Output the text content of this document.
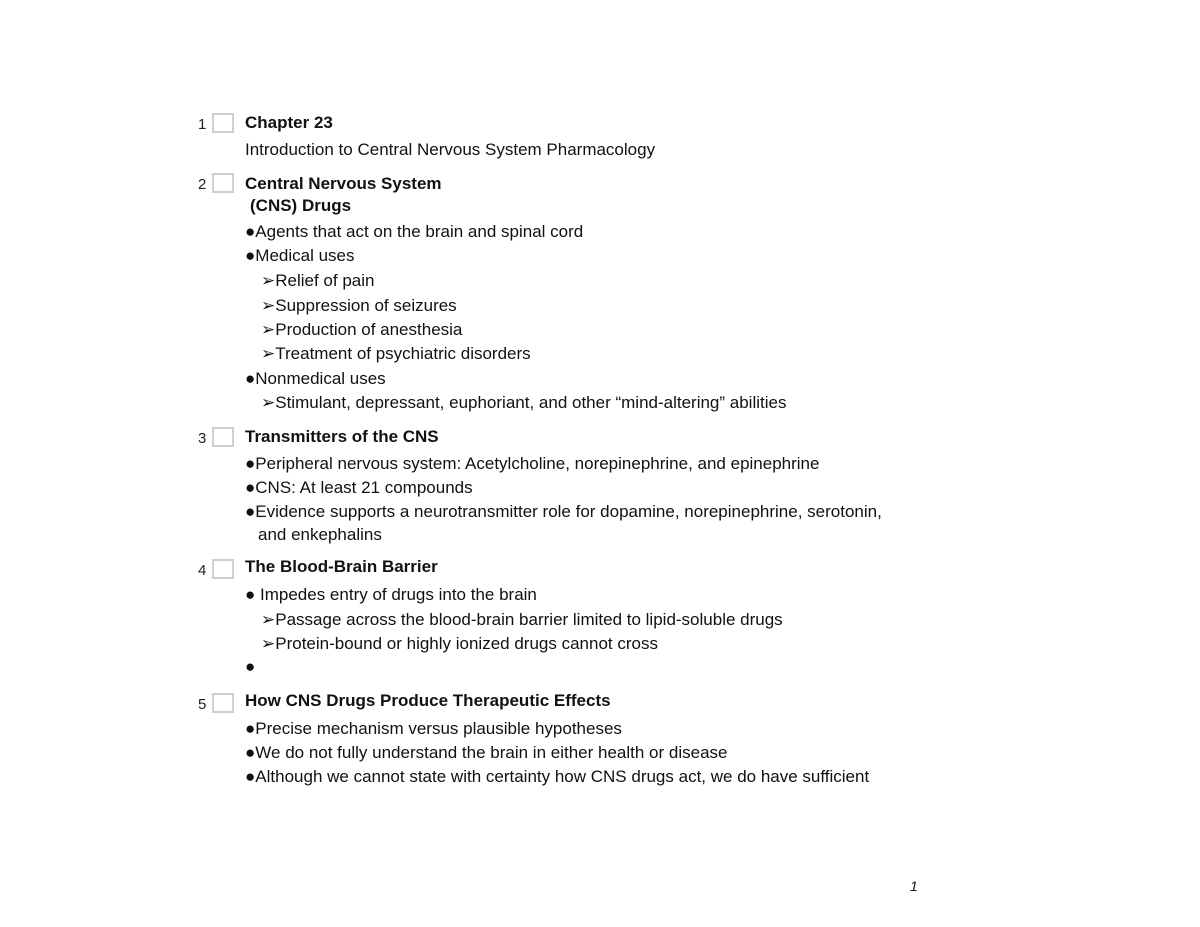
1 Chapter 23
Introduction to Central Nervous System Pharmacology
2 Central Nervous System
(CNS) Drugs
●Agents that act on the brain and spinal cord
●Medical uses
➢Relief of pain
➢Suppression of seizures
➢Production of anesthesia
➢Treatment of psychiatric disorders
●Nonmedical uses
➢Stimulant, depressant, euphoriant, and other “mind-altering” abilities
3 Transmitters of the CNS
●Peripheral nervous system: Acetylcholine, norepinephrine, and epinephrine
●CNS: At least 21 compounds
●Evidence supports a neurotransmitter role for dopamine, norepinephrine, serotonin,
and enkephalins
4 The Blood-Brain Barrier
● Impedes entry of drugs into the brain
➢Passage across the blood-brain barrier limited to lipid-soluble drugs
➢Protein-bound or highly ionized drugs cannot cross
●
5 How CNS Drugs Produce Therapeutic Effects
●Precise mechanism versus plausible hypotheses
●We do not fully understand the brain in either health or disease
●Although we cannot state with certainty how CNS drugs act, we do have sufficient
1
